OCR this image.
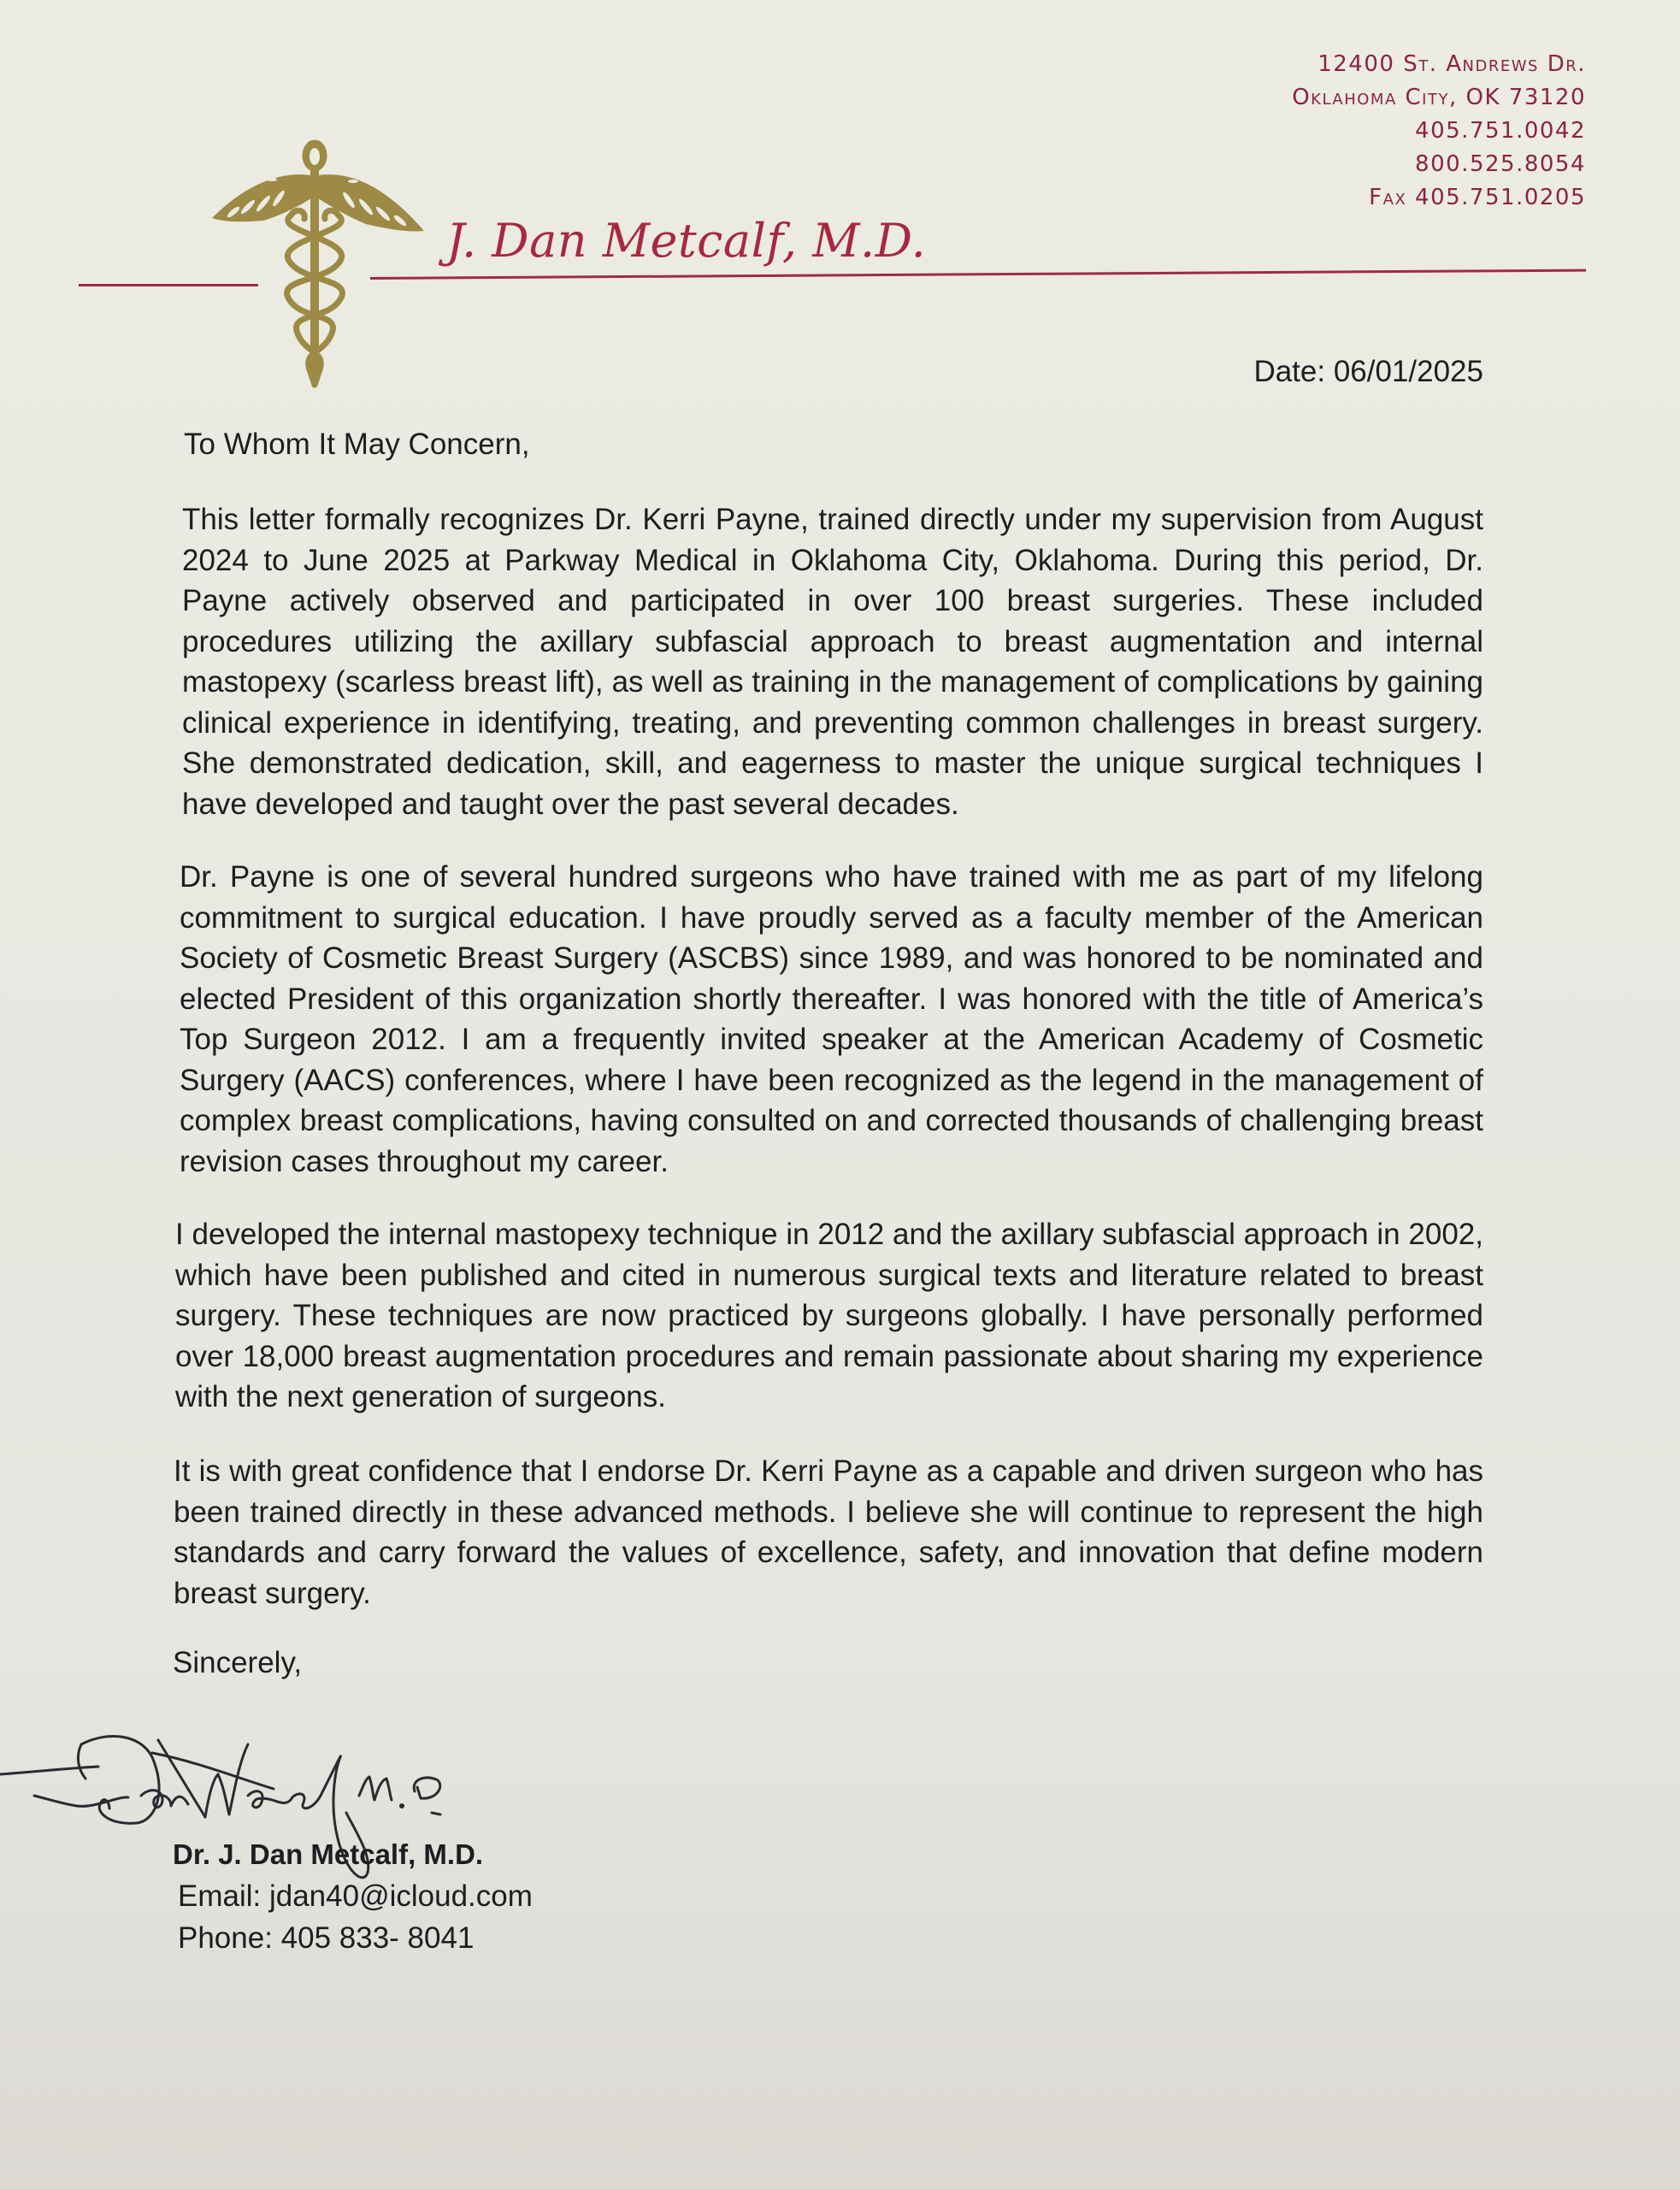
12400 St. Andrews Dr.
Oklahoma City, OK 73120
405.751.0042
800.525.8054
Fax 405.751.0205
J. Dan Metcalf, M.D.
Date: 06/01/2025
To Whom It May Concern,

This letter formally recognizes Dr. Kerri Payne, trained directly under my supervision from August 2024 to June 2025 at Parkway Medical in Oklahoma City, Oklahoma. During this period, Dr. Payne actively observed and participated in over 100 breast surgeries. These included procedures utilizing the axillary subfascial approach to breast augmentation and internal mastopexy (scarless breast lift), as well as training in the management of complications by gaining clinical experience in identifying, treating, and preventing common challenges in breast surgery. She demonstrated dedication, skill, and eagerness to master the unique surgical techniques I have developed and taught over the past several decades.

Dr. Payne is one of several hundred surgeons who have trained with me as part of my lifelong commitment to surgical education. I have proudly served as a faculty member of the American Society of Cosmetic Breast Surgery (ASCBS) since 1989, and was honored to be nominated and elected President of this organization shortly thereafter. I was honored with the title of America’s Top Surgeon 2012. I am a frequently invited speaker at the American Academy of Cosmetic Surgery (AACS) conferences, where I have been recognized as the legend in the management of complex breast complications, having consulted on and corrected thousands of challenging breast revision cases throughout my career.

I developed the internal mastopexy technique in 2012 and the axillary subfascial approach in 2002, which have been published and cited in numerous surgical texts and literature related to breast surgery. These techniques are now practiced by surgeons globally. I have personally performed over 18,000 breast augmentation procedures and remain passionate about sharing my experience with the next generation of surgeons.

It is with great confidence that I endorse Dr. Kerri Payne as a capable and driven surgeon who has been trained directly in these advanced methods. I believe she will continue to represent the high standards and carry forward the values of excellence, safety, and innovation that define modern breast surgery.

Sincerely,
Dr. J. Dan Metcalf, M.D.
Email: jdan40@icloud.com
Phone: 405 833- 8041
